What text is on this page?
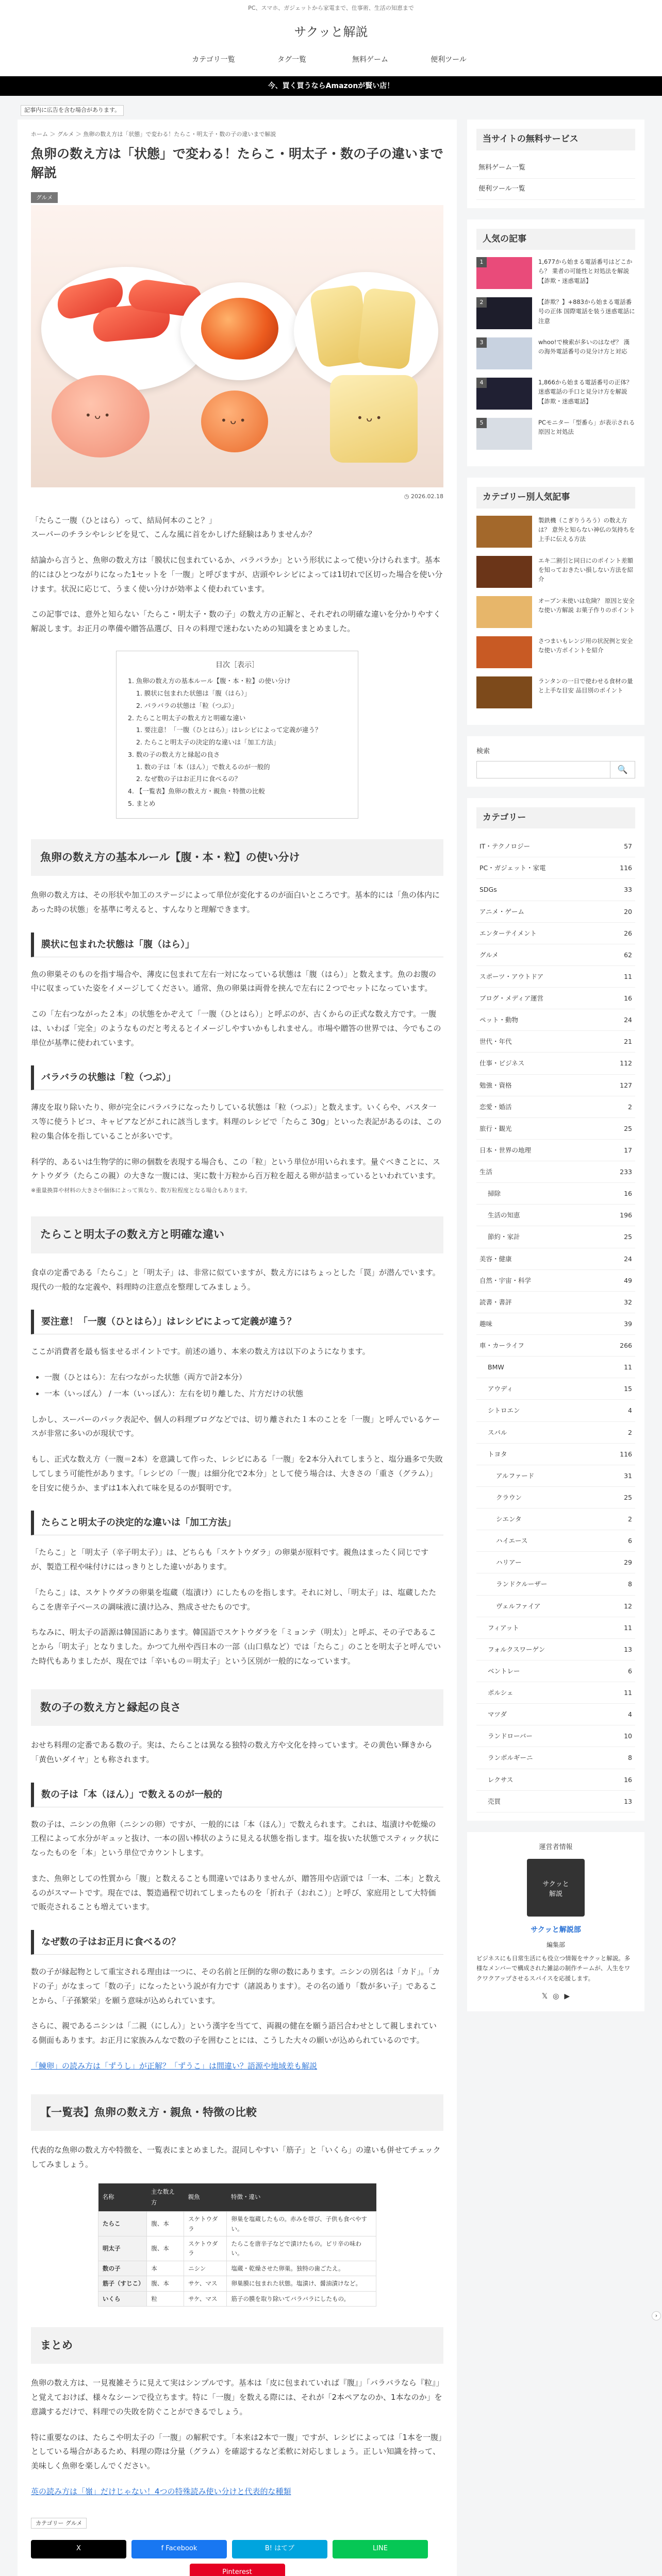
PC、スマホ、ガジェットから家電まで、仕事術、生活の知恵まで
サクッと解説
カテゴリ一覧	タグ一覧	無料ゲーム	便利ツール
今、買く買うならAmazonが賢い店！
記事内に広告を含む場合があります。
ホーム ＞ グルメ ＞ 魚卵の数え方は「状態」で変わる！たらこ・明太子・数の子の違いまで解説
魚卵の数え方は「状態」で変わる！たらこ・明太子・数の子の違いまで解説
グルメ
• ᴗ •	• ᴗ •	• ᴗ •
◷ 2026.02.18

「たらこ一腹（ひとはら）って、結局何本のこと？」
スーパーのチラシやレシピを見て、こんな風に首をかしげた経験はありませんか？

結論から言うと、魚卵の数え方は「膜状に包まれているか、バラバラか」という形状によって使い分けられます。基本的にはひとつながりになった1セットを「一腹」と呼びますが、店頭やレシピによっては1切れで区切った場合を使い分けます。状況に応じて、うまく使い分けが効率よく使われています。

この記事では、意外と知らない「たらこ・明太子・数の子」の数え方の正解と、それぞれの明確な違いを分かりやすく解説します。お正月の準備や贈答品選び、日々の料理で迷わないための知識をまとめました。

目次［表示］
1. 魚卵の数え方の基本ルール【腹・本・粒】の使い分け
1. 膜状に包まれた状態は「腹（はら）」
2. バラバラの状態は「粒（つぶ）」
2. たらこと明太子の数え方と明確な違い
1. 要注意！「一腹（ひとはら）」はレシピによって定義が違う？
2. たらこと明太子の決定的な違いは「加工方法」
3. 数の子の数え方と縁起の良さ
1. 数の子は「本（ほん）」で数えるのが一般的
2. なぜ数の子はお正月に食べるの？
4. 【一覧表】魚卵の数え方・親魚・特徴の比較
5. まとめ
魚卵の数え方の基本ルール【腹・本・粒】の使い分け

魚卵の数え方は、その形状や加工のステージによって単位が変化するのが面白いところです。基本的には「魚の体内にあった時の状態」を基準に考えると、すんなりと理解できます。

膜状に包まれた状態は「腹（はら）」

魚の卵巣そのものを指す場合や、薄皮に包まれて左右一対になっている状態は「腹（はら）」と数えます。魚のお腹の中に収まっていた姿をイメージしてください。通常、魚の卵巣は両骨を挟んで左右に２つでセットになっています。

この「左右つながった２本」の状態をかぞえて「一腹（ひとはら）」と呼ぶのが、古くからの正式な数え方です。一腹は、いわば「完全」のようなものだと考えるとイメージしやすいかもしれません。市場や贈答の世界では、今でもこの単位が基準に使われています。

バラバラの状態は「粒（つぶ）」

薄皮を取り除いたり、卵が完全にバラバラになったりしている状態は「粒（つぶ）」と数えます。いくらや、バスタ一ス等に使うトビコ、キャビアなどがこれに該当します。料理のレシピで「たらこ 30g」といった表記があるのは、この粒の集合体を指していることが多いです。

科学的、あるいは生物学的に卵の個数を表現する場合も、この「粒」という単位が用いられます。量ぐべきことに、スケトウダラ（たらこの親）の大きな一腹には、実に数十万粒から百万粒を超える卵が詰まっているといわれています。

※重量換算や材料の大きさや個体によって異なり、数万粒程度となる場合もあります。
たらこと明太子の数え方と明確な違い

食卓の定番である「たらこ」と「明太子」は、非常に似ていますが、数え方にはちょっとした「罠」が潜んでいます。現代の一般的な定義や、料理時の注意点を整理してみましょう。

要注意！「一腹（ひとはら）」はレシピによって定義が違う？

ここが消費者を最も悩ませるポイントです。前述の通り、本来の数え方は以下のようになります。

• 一腹（ひとはら）：左右つながった状態（両方で計2本分）
• 一本（いっぽん） / 一本（いっぽん）：左右を切り離した、片方だけの状態

しかし、スーパーのパック表記や、個人の料理ブログなどでは、切り離された１本のことを「一腹」と呼んでいるケースが非常に多いのが現状です。

もし、正式な数え方（一腹＝2本）を意識して作った、レシピにある「一腹」を2本分入れてしまうと、塩分過多で失敗してしまう可能性があります。「レシピの「一腹」は細分化で2本分」として使う場合は、大きさの「重さ（グラム）」を目安に使うか、まずは1本入れて味を見るのが賢明です。

たらこと明太子の決定的な違いは「加工方法」

「たらこ」と「明太子（辛子明太子）」は、どちらも「スケトウダラ」の卵巣が原料です。親魚はまったく同じですが、製造工程や味付けにはっきりとした違いがあります。

「たらこ」は、スケトウダラの卵巣を塩蔵（塩漬け）にしたものを指します。それに対し、「明太子」は、塩蔵したたらこを唐辛子ベースの調味液に漬け込み、熟成させたものです。

ちなみに、明太子の語源は韓国語にあります。韓国語でスケトウダラを「ミョンテ（明太）」と呼ぶ、その子であることから「明太子」となりました。かつて九州や西日本の一部（山口県など）では「たらこ」のことを明太子と呼んでいた時代もありましたが、現在では「辛いもの＝明太子」という区別が一般的になっています。

数の子の数え方と縁起の良さ

おせち料理の定番である数の子。実は、たらことは異なる独特の数え方や文化を持っています。その黄色い輝きから「黄色いダイヤ」とも称されます。

数の子は「本（ほん）」で数えるのが一般的

数の子は、ニシンの魚卵（ニシンの卵）ですが、一般的には「本（ほん）」で数えられます。これは、塩漬けや乾燥の工程によって水分がギュッと抜け、一本の固い棒状のように見える状態を指します。塩を抜いた状態でスティック状になったものを「本」という単位でカウントします。

また、魚卵としての性質から「腹」と数えることも間違いではありませんが、贈答用や店頭では「一本、二本」と数えるのがスマートです。現在では、製造過程で切れてしまったものを「折れ子（おれこ）」と呼び、家庭用として大特価で販売されることも増えています。

なぜ数の子はお正月に食べるの？

数の子が縁起物として重宝される理由は一つに、その名前と圧倒的な卵の数にあります。ニシンの別名は「カド」。「カドの子」がなまって「数の子」になったという説が有力です（諸説あります）。その名の通り「数が多い子」であることから、「子孫繁栄」を願う意味が込められています。

さらに、親であるニシンは「二親（にしん）」という漢字を当てて、両親の健在を願う語呂合わせとして親しまれている側面もあります。お正月に家族みんなで数の子を囲むことには、こうした大々の願いが込められているのです。

「鰊卵」の読み方は「ずうし」が正解？「ずうこ」は間違い？語源や地域差も解説

【一覧表】魚卵の数え方・親魚・特徴の比較

代表的な魚卵の数え方や特徴を、一覧表にまとめました。混同しやすい「筋子」と「いくら」の違いも併せてチェックしてみましょう。

名称	主な数え方	親魚	特徴・違い
たらこ	腹、本	スケトウダラ	卵巣を塩蔵したもの。赤みを帯び、子供も食べやすい。
明太子	腹、本	スケトウダラ	たらこを唐辛子などで漬けたもの。ピリ辛の味わい。
数の子	本	ニシン	塩蔵・乾燥させた卵巣。独特の歯ごたえ。
筋子（すじこ）	腹、本	サケ、マス	卵巣膜に包まれた状態。塩漬け、醤油漬けなど。
いくら	粒	サケ、マス	筋子の膜を取り除いてバラバラにしたもの。
まとめ

魚卵の数え方は、一見複雑そうに見えて実はシンプルです。基本は「皮に包まれていれば『腹』」「バラバラなら『粒』」と覚えておけば、様々なシーンで役立ちます。特に「一腹」を数える際には、それが「2本ペアなのか、1本なのか」を意識するだけで、料理での失敗を防ぐことができるでしょう。

特に重要なのは、たらこや明太子の「一腹」の解釈です。「本来は2本で一腹」ですが、レシピによっては「1本を一腹」としている場合があるため、料理の際は分量（グラム）を確認するなど柔軟に対応しましょう。正しい知識を持って、美味しく魚卵を楽しんでください。

英の読み方は「嶺」だけじゃない！4つの特殊読み使い分けと代表的な種類

カテゴリー グルメ
X	f Facebook	B! はてブ	LINE
Pinterest
当サイトの無料サービス
無料ゲーム一覧
便利ツール一覧
人気の記事
1	1,677から始まる電話番号はどこから？ 業者の可能性と対処法を解説【詐欺・迷惑電話】
2	【詐欺？】+883から始まる電話番号の正体 国際電話を装う迷惑電話に注意
3	whoo!で検索が多いのはなぜ？ 漢の海外電話番号の見分け方と対応
4	1,866から始まる電話番号の正体？ 迷惑電話の手口と見分け方を解説【詐欺・迷惑電話】
5	PCモニター「型番ら」が表示される原因と対処法
カテゴリー別人気記事
製鉄機（こぎりうろう）の数え方は？ 意外と知らない神仏の気持ちを上手に伝える方法
エキ二割引と同日にのポイント差額を知っておきたい損しない方法を紹介
オーブン未使いは危険？ 原因と安全な使い方解説 お菓子作りのポイント
さつまいもレンジ用の状況例と安全な使い方ポイントを紹介
ランタンの一日で使わせる食材の量と上手な目安 品目別のポイント
検索
🔍
カテゴリー
IT・テクノロジー	57
PC・ガジェット・家電	116
SDGs	33
アニメ・ゲーム	20
エンターテイメント	26
グルメ	62
スポーツ・アウトドア	11
ブログ・メディア運営	16
ペット・動物	24
世代・年代	21
仕事・ビジネス	112
勉強・資格	127
恋愛・婚活	2
旅行・観光	25
日本・世界の地理	17
生活	233
掃除	16
生活の知恵	196
節約・家計	25
美容・健康	24
自然・宇宙・科学	49
読書・書評	32
趣味	39
車・カーライフ	266
BMW	11
アウディ	15
シトロエン	4
スバル	2
トヨタ	116
アルファード	31
クラウン	25
シエンタ	2
ハイエース	6
ハリアー	29
ランドクルーザー	8
ヴェルファイア	12
フィアット	11
フォルクスワーゲン	13
ベントレー	6
ポルシェ	11
マツダ	4
ランドローバー	10
ランボルギーニ	8
レクサス	16
売買	13
運営者情報
サクッと
解説
サクッと解説部
編集部
ビジネスにも日常生活にも役立つ情報をサクッと解説。多様なメンバーで構成された雑誌の制作チームが、人生をワクワクアップさせるスパイスを応援します。
𝕏 ◎ ▶
›
